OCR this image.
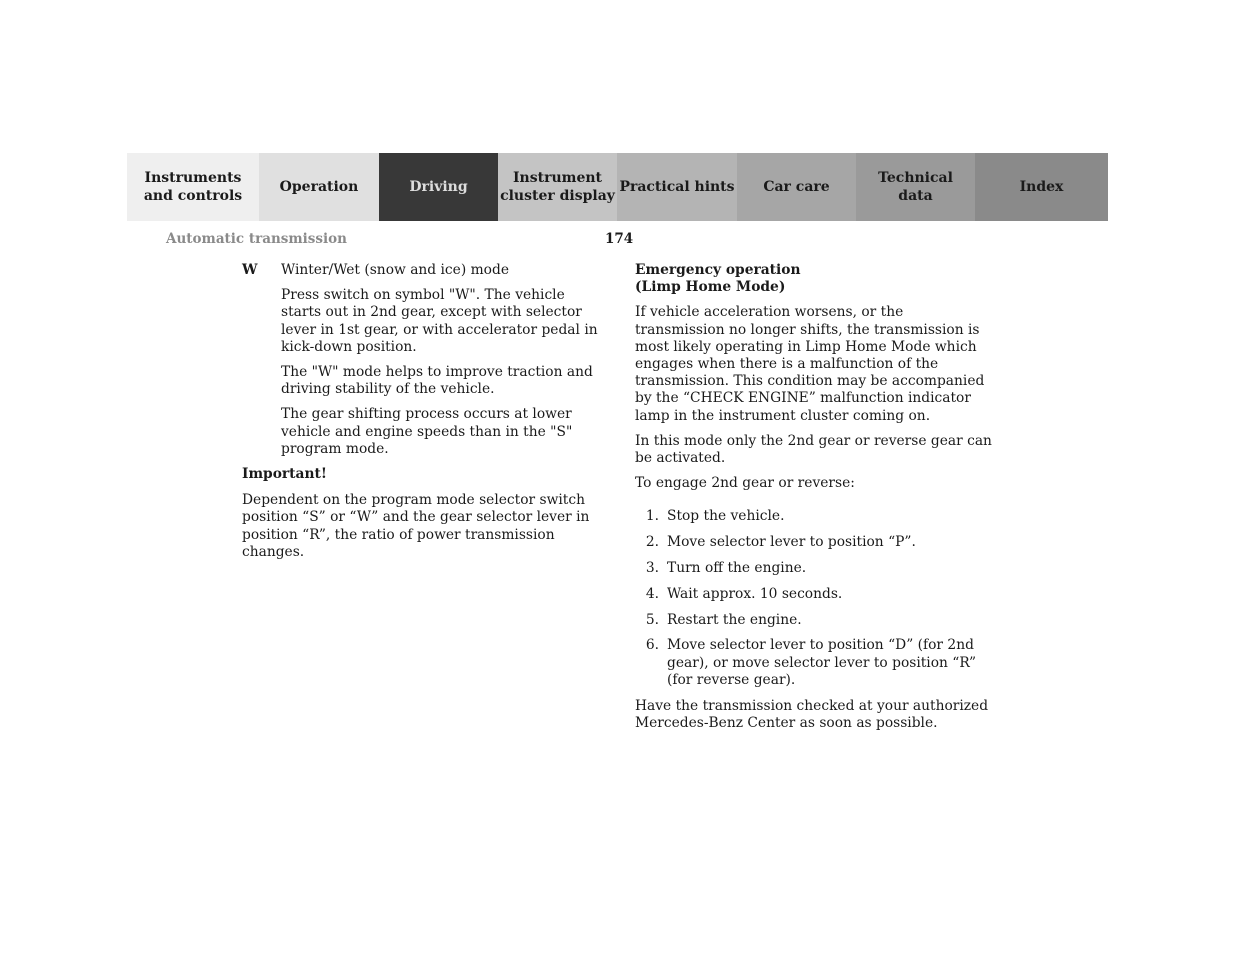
Instruments
and controls
Operation	Driving
Instrument
cluster display
Practical hints Car care
Technical
data
Index
Automatic transmission	174
W	Winter/Wet (snow and ice) mode

Press switch on symbol "W". The vehicle starts out in 2nd gear, except with selector lever in 1st gear, or with accelerator pedal in kick-down position.

The "W" mode helps to improve traction and driving stability of the vehicle.

The gear shifting process occurs at lower vehicle and engine speeds than in the "S" program mode.

Important!

Dependent on the program mode selector switch position “S” or “W” and the gear selector lever in position “R”, the ratio of power transmission changes.

Emergency operation

(Limp Home Mode)

If vehicle acceleration worsens, or the transmission no longer shifts, the transmission is most likely operating in Limp Home Mode which engages when there is a malfunction of the transmission. This condition may be accompanied by the “CHECK ENGINE” malfunction indicator lamp in the instrument cluster coming on.

In this mode only the 2nd gear or reverse gear can be activated.

To engage 2nd gear or reverse:

1. Stop the vehicle.
2. Move selector lever to position “P”.
3. Turn off the engine.
4. Wait approx. 10 seconds.
5. Restart the engine.
6. Move selector lever to position “D” (for 2nd gear), or move selector lever to position “R” (for reverse gear).

Have the transmission checked at your authorized Mercedes-Benz Center as soon as possible.
